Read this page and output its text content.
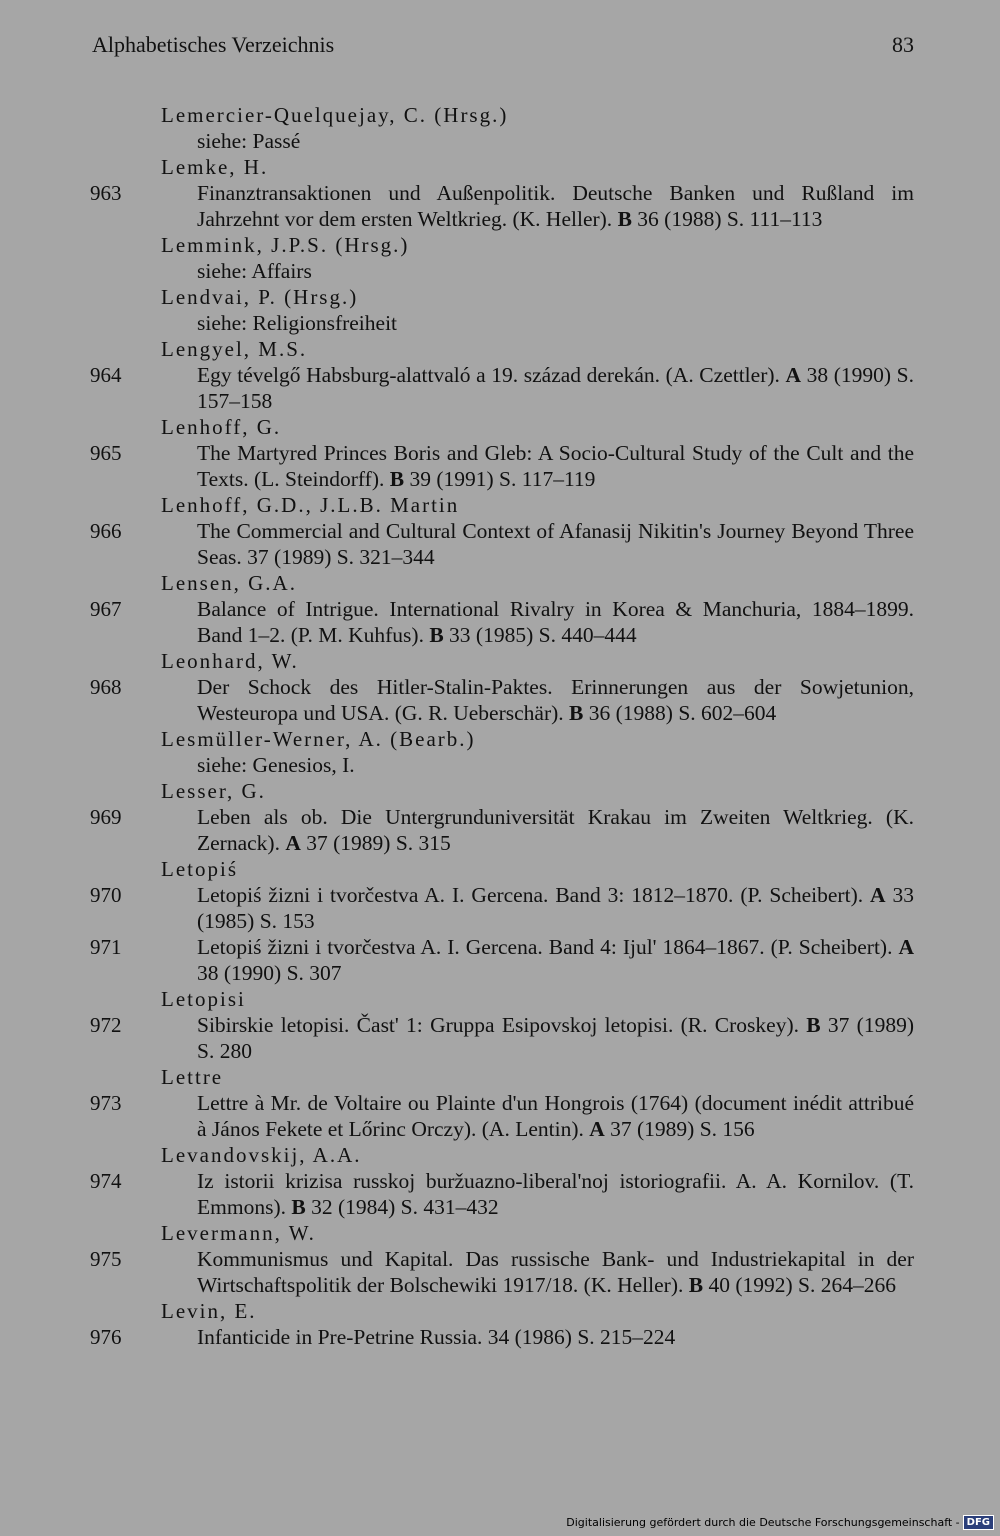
Alphabetisches Verzeichnis	83
Lemercier-Quelquejay, C. (Hrsg.)
siehe: Passé
Lemke, H.
963	Finanztransaktionen und Außenpolitik. Deutsche Banken und Rußland im Jahrzehnt vor dem ersten Weltkrieg. (K. Heller). B 36 (1988) S. 111–113
Lemmink, J.P.S. (Hrsg.)
siehe: Affairs
Lendvai, P. (Hrsg.)
siehe: Religionsfreiheit
Lengyel, M.S.
964	Egy tévelgő Habsburg-alattvaló a 19. század derekán. (A. Czettler). A 38 (1990) S. 157–158
Lenhoff, G.
965	The Martyred Princes Boris and Gleb: A Socio-Cultural Study of the Cult and the Texts. (L. Steindorff). B 39 (1991) S. 117–119
Lenhoff, G.D., J.L.B. Martin
966	The Commercial and Cultural Context of Afanasij Nikitin's Journey Beyond Three Seas. 37 (1989) S. 321–344
Lensen, G.A.
967	Balance of Intrigue. International Rivalry in Korea & Manchuria, 1884–1899. Band 1–2. (P. M. Kuhfus). B 33 (1985) S. 440–444
Leonhard, W.
968	Der Schock des Hitler-Stalin-Paktes. Erinnerungen aus der Sowjetunion, Westeuropa und USA. (G. R. Ueberschär). B 36 (1988) S. 602–604
Lesmüller-Werner, A. (Bearb.)
siehe: Genesios, I.
Lesser, G.
969	Leben als ob. Die Untergrunduniversität Krakau im Zweiten Weltkrieg. (K. Zernack). A 37 (1989) S. 315
Letopiś
970	Letopiś žizni i tvorčestva A. I. Gercena. Band 3: 1812–1870. (P. Scheibert). A 33 (1985) S. 153
971	Letopiś žizni i tvorčestva A. I. Gercena. Band 4: Ijul' 1864–1867. (P. Scheibert). A 38 (1990) S. 307
Letopisi
972	Sibirskie letopisi. Čast' 1: Gruppa Esipovskoj letopisi. (R. Croskey). B 37 (1989) S. 280
Lettre
973	Lettre à Mr. de Voltaire ou Plainte d'un Hongrois (1764) (document inédit attribué à János Fekete et Lőrinc Orczy). (A. Lentin). A 37 (1989) S. 156
Levandovskij, A.A.
974	Iz istorii krizisa russkoj buržuazno-liberal'noj istoriografii. A. A. Kornilov. (T. Emmons). B 32 (1984) S. 431–432
Levermann, W.
975	Kommunismus und Kapital. Das russische Bank- und Industriekapital in der Wirtschaftspolitik der Bolschewiki 1917/18. (K. Heller). B 40 (1992) S. 264–266
Levin, E.
976	Infanticide in Pre-Petrine Russia. 34 (1986) S. 215–224
Digitalisierung gefördert durch die Deutsche Forschungsgemeinschaft - DFG
